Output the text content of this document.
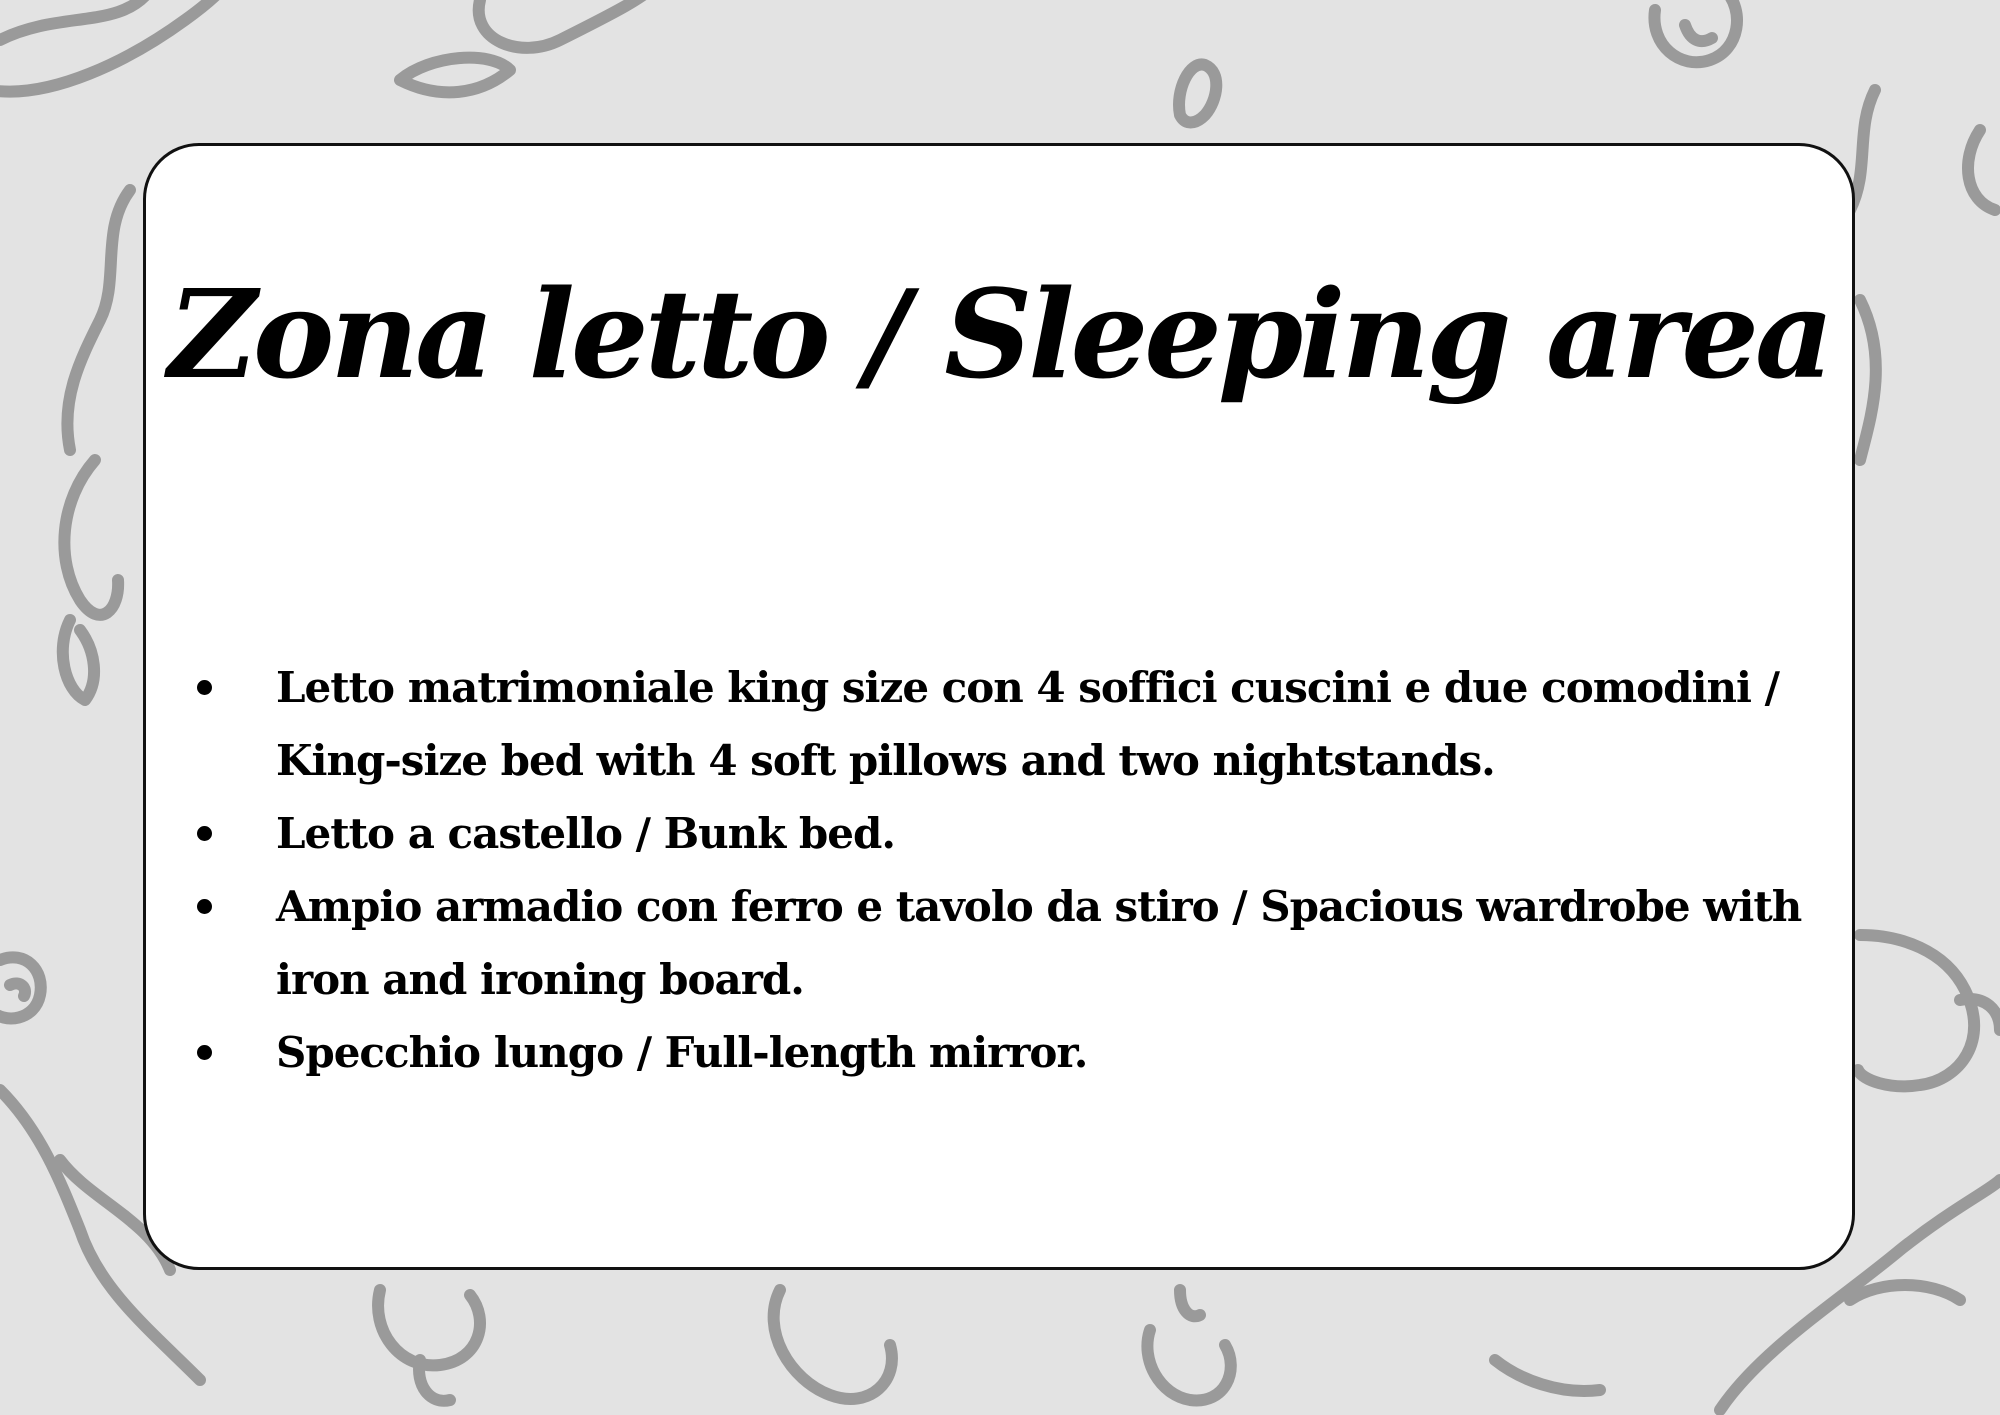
Zona letto / Sleeping area
Letto matrimoniale king size con 4 soffici cuscini e due comodini / King-size bed with 4 soft pillows and two nightstands.
Letto a castello / Bunk bed.
Ampio armadio con ferro e tavolo da stiro / Spacious wardrobe with iron and ironing board.
Specchio lungo / Full-length mirror.
